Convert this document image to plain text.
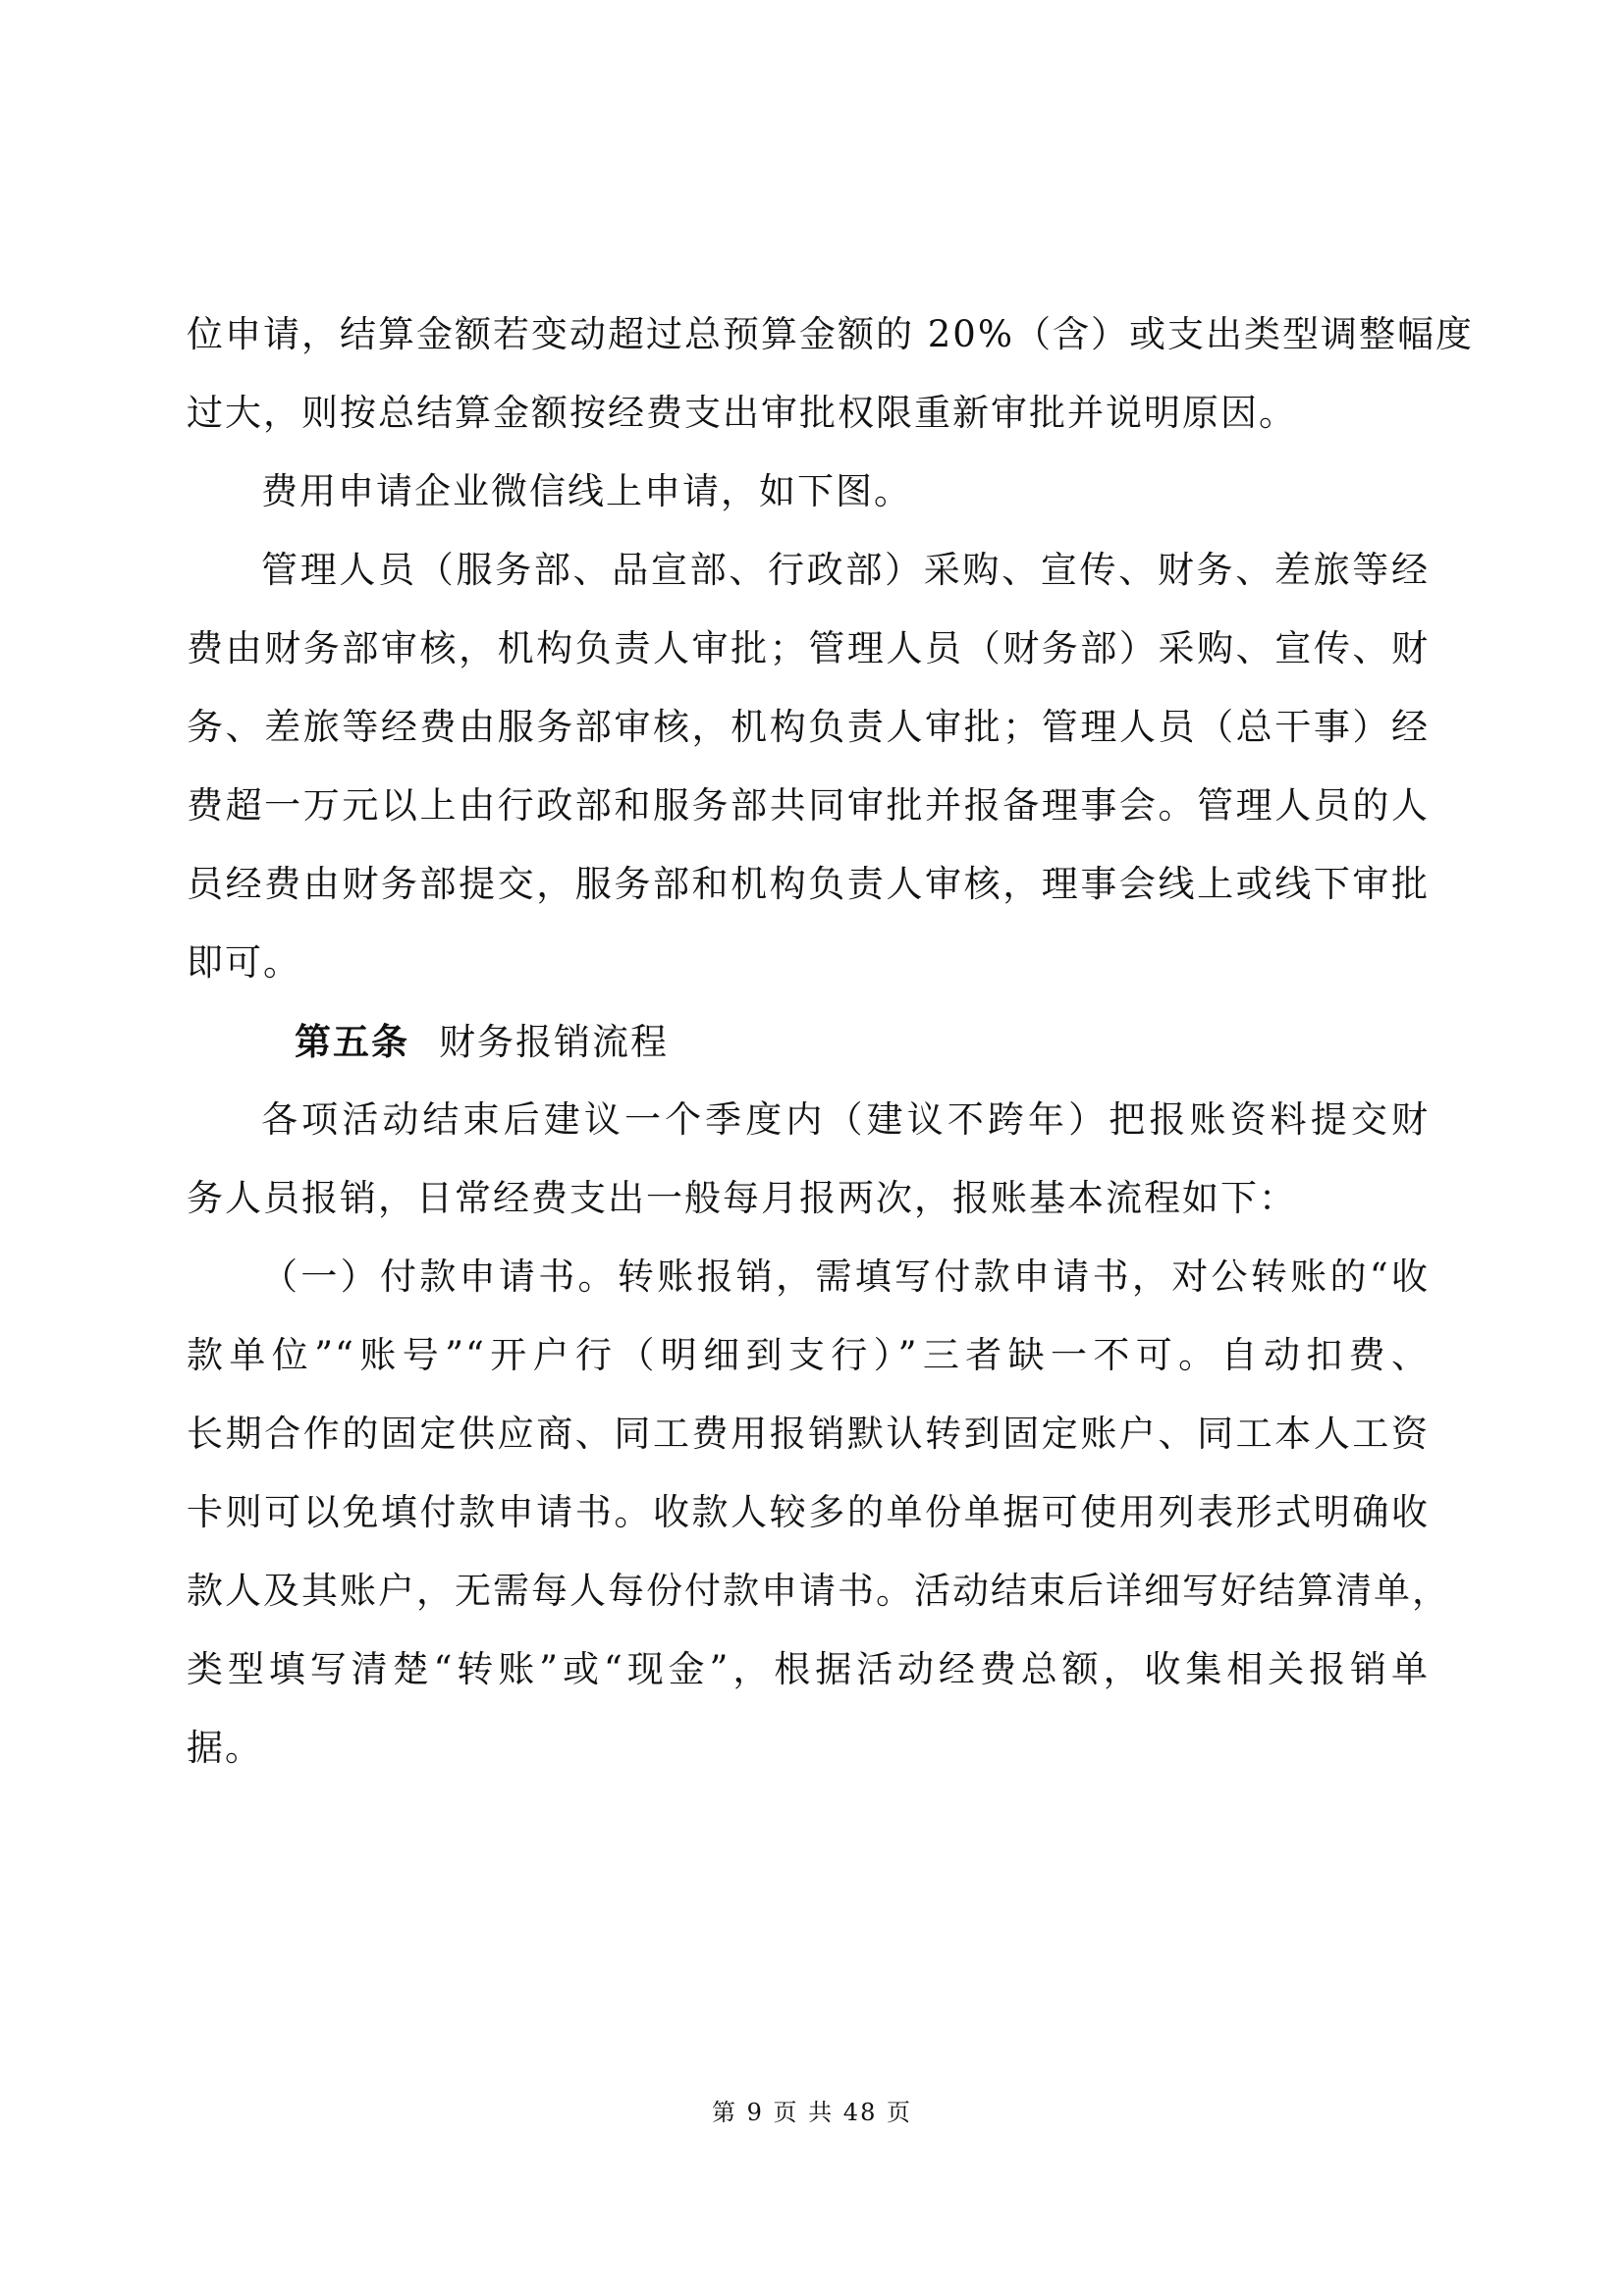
位申请，结算金额若变动超过总预算金额的 20%（含）或支出类型调整幅度
过大，则按总结算金额按经费支出审批权限重新审批并说明原因。
费用申请企业微信线上申请，如下图。
管理人员（服务部、品宣部、行政部）采购、宣传、财务、差旅等经
费由财务部审核，机构负责人审批；管理人员（财务部）采购、宣传、财
务、差旅等经费由服务部审核，机构负责人审批；管理人员（总干事）经
费超一万元以上由行政部和服务部共同审批并报备理事会。管理人员的人
员经费由财务部提交，服务部和机构负责人审核，理事会线上或线下审批
即可。
第五条 财务报销流程
各项活动结束后建议一个季度内（建议不跨年）把报账资料提交财
务人员报销，日常经费支出一般每月报两次，报账基本流程如下：
（一）付款申请书。转账报销，需填写付款申请书，对公转账的“收
款单位”“账号”“开户行（明细到支行）”三者缺一不可。自动扣费、
长期合作的固定供应商、同工费用报销默认转到固定账户、同工本人工资
卡则可以免填付款申请书。收款人较多的单份单据可使用列表形式明确收
款人及其账户，无需每人每份付款申请书。活动结束后详细写好结算清单，
类型填写清楚“转账”或“现金”，根据活动经费总额，收集相关报销单
据。
第 9 页 共 48 页
